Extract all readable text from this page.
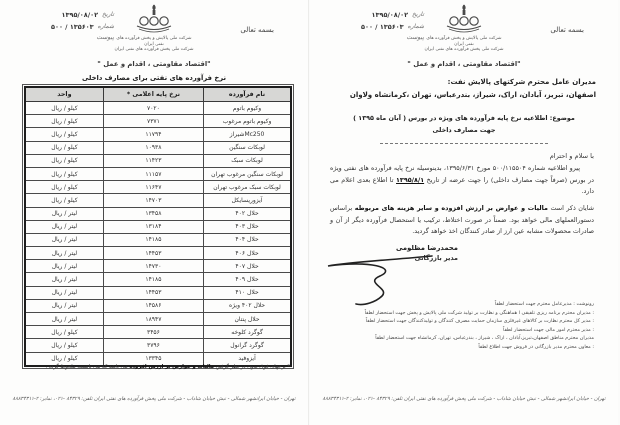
۱۳۹۵/۰۸/۰۲ تاریخ
۵۰۰ / ۱۳۵۶۰۳ شماره
پیوست
بسمه تعالی
شرکت ملی پالایش و پخش فرآورده های نفتی ایران
شرکت ملی پخش فرآورده های نفتی ایران
"اقتصاد مقاومتی ، اقدام و عمل "
نرخ فرآورده های نفتی برای مصارف داخلی
نام فرآورده	نرخ پایه اعلامی *	واحد
وکیوم باتوم	۷۰۲۰	کیلو / ریال
وکیوم باتوم مرغوب	۷۳۷۱	کیلو / ریال
Mc250شیراز	۱۱۷۹۴	کیلو / ریال
لوبکات سنگین	۱۰۹۳۸	کیلو / ریال
لوبکات سبک	۱۱۴۲۳	کیلو / ریال
لوبکات سنگین مرغوب تهران	۱۱۱۵۷	کیلو / ریال
لوبکات سبک مرغوب تهران	۱۱۶۴۷	کیلو / ریال
آیزوریسایکل	۱۴۷۰۳	کیلو / ریال
حلال ۴۰۲	۱۳۴۵۸	لیتر / ریال
حلال ۴۰۳	۱۳۱۸۴	لیتر / ریال
حلال ۴۰۴	۱۴۱۸۵	لیتر / ریال
حلال ۴۰۶	۱۴۴۵۳	لیتر / ریال
حلال ۴۰۷	۱۴۷۳۰	لیتر / ریال
حلال ۴۰۹	۱۴۱۸۵	لیتر / ریال
حلال ۴۱۰	۱۴۴۵۳	لیتر / ریال
حلال ۴۰۲ ویژه	۱۴۵۸۶	لیتر / ریال
حلال پنتان	۱۸۹۴۷	لیتر / ریال
گوگرد کلوخه	۳۴۵۶	کیلو / ریال
گوگرد گرانول	۳۷۹۶	کیلو / ریال
آیزوفید	۱۳۳۴۵	کیلو / ریال
* نرخهای فوق بدون در نظر گرفتن مالیات و عوارض بر ارزش افزوده می باشد که می بایست ملحوظ گردد .
تهران - خیابان ایرانشهر شمالی - نبش خیابان شاداب - شرکت ملی پخش فرآورده های نفتی ایران تلفن: ۸۴۳۲۹ -۰۲۱، نمابر: ۲-۸۸۸۳۴۳۱۱
۱۳۹۵/۰۸/۰۲ تاریخ
۵۰۰ / ۱۳۵۶۰۳ شماره
پیوست
بسمه تعالی
شرکت ملی پالایش و پخش فرآورده های نفتی ایران
شرکت ملی پخش فرآورده های نفتی ایران
"اقتصاد مقاومتی ، اقدام و عمل "
مدیران عامل محترم شرکتهای پالایش نفت:
اصفهان، تبریز، آبادان، اراک، شیراز، بندرعباس، تهران ،کرمانشاه ولاوان
موضوع: اطلاعیه نرخ پایه فرآورده های ویژه در بورس ( آبان ماه ۱۳۹۵ )
جهت مصارف داخلی
با سلام و احترام
پیرو اطلاعیه شماره ۵۰۰/۱۱۵۵۰۴ مورخ ۱۳۹۵/۶/۳۱، بدینوسیله نرخ پایه فرآورده های نفتی ویژه در بورس (صرفاً جهت مصارف داخلی) را جهت عرضه از تاریخ ۱۳۹۵/۸/۱ تا اطلاع بعدی اعلام می دارد.
شایان ذکر است مالیات و عوارض بر ارزش افزوده و سایر هزینه های مربوطه براساس دستورالعملهای مالی خواهد بود. ضمناً در صورت اختلاط، ترکیب یا استحصال فرآورده دیگر از آن و صادرات محصولات مشابه عین ارز از صادر کنندگان اخذ خواهد گردید.
محمدرضا مظلومی
مدیر بازرگانی
رونوشت : مدیرعامل محترم جهت استحضار لطفاً
: مدیران محترم برنامه ریزی تلفیقی ا هماهنگی و نظارت بر تولید شرکت ملی پالایش و پخش جهت استحضار لطفاً
: مدیر کل محترم نظارت بر کالاهای غیرفلزی سازمان حمایت مصرف کنندگان و تولیدکنندگان جهت استحضار لطفاً
: مدیر محترم امور مالی جهت استحضار لطفاً
مدیران محترم مناطق اصفهان،تبریز،آبادان ، اراک ، شیراز ، بندرعباس، تهران، کرمانشاه جهت استحضار لطفاً
: معاون محترم مدیر بازرگانی در فروش جهت اطلاع لطفاً
تهران - خیابان ایرانشهر شمالی - نبش خیابان شاداب - شرکت ملی پخش فرآورده های نفتی ایران تلفن: ۸۴۳۲۹ -۰۲۱، نمابر: ۲-۸۸۸۳۴۳۱۱
